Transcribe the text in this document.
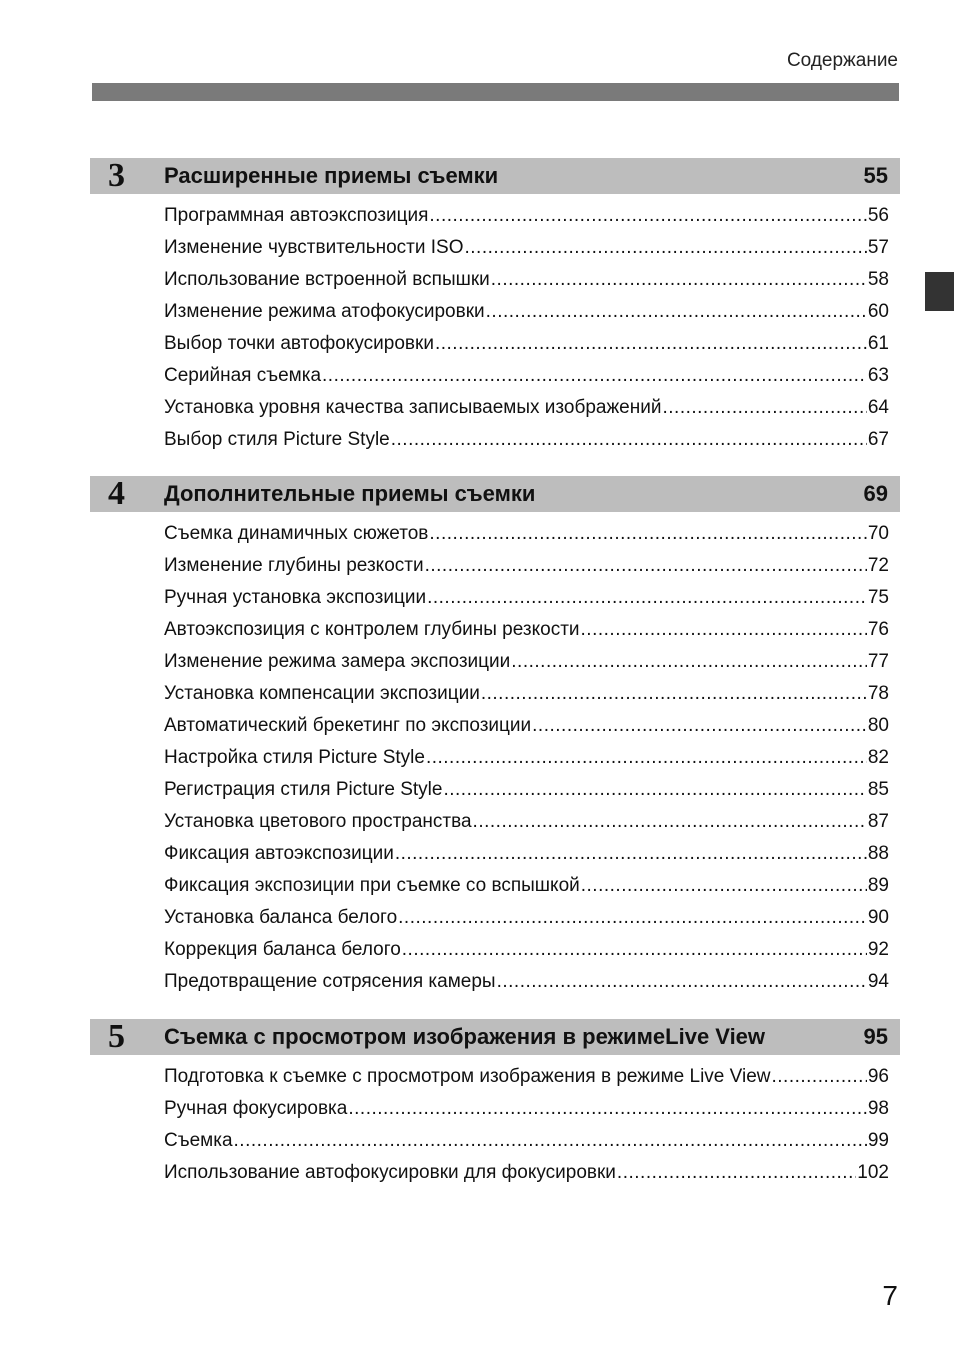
Содержание
3 Расширенные приемы съемки	55
Программная автоэкспозиция .....	56
Изменение чувствительности ISO .....	57
Использование встроенной вспышки .....	58
Изменение режима атофокусировки .....	60
Выбор точки автофокусировки .....	61
Серийная съемка .....	63
Установка уровня качества записываемых изображений .....	64
Выбор стиля Picture Style .....	67
4 Дополнительные приемы съемки	69
Съемка динамичных сюжетов .....	70
Изменение глубины резкости .....	72
Ручная установка экспозиции .....	75
Автоэкспозиция с контролем глубины резкости .....	76
Изменение режима замера экспозиции .....	77
Установка компенсации экспозиции .....	78
Автоматический брекетинг по экспозиции .....	80
Настройка стиля Picture Style .....	82
Регистрация стиля Picture Style .....	85
Установка цветового пространства .....	87
Фиксация автоэкспозиции .....	88
Фиксация экспозиции при съемке со вспышкой .....	89
Установка баланса белого .....	90
Коррекция баланса белого .....	92
Предотвращение сотрясения камеры .....	94
5 Съемка с просмотром изображения в режимеLive View	95
Подготовка к съемке с просмотром изображения в режиме Live View .....	96
Ручная фокусировка .....	98
Съемка .....	99
Использование автофокусировки для фокусировки .....	102
7
